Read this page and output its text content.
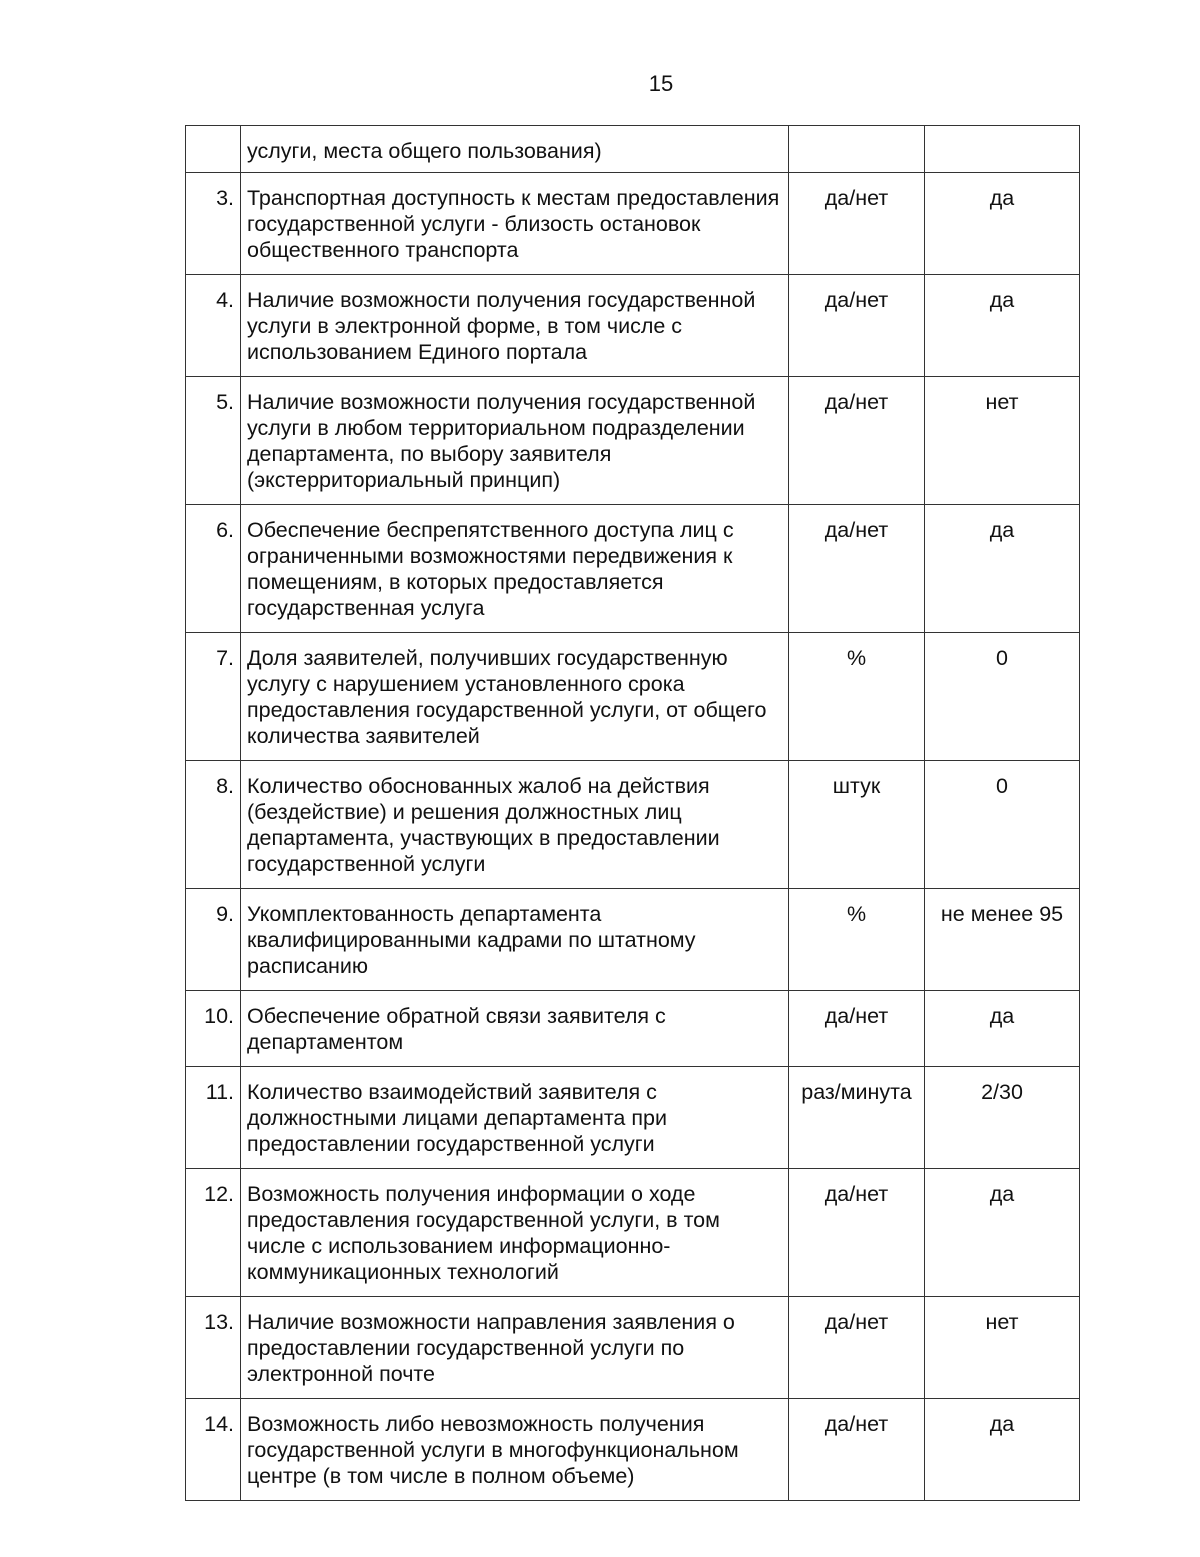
15
	услуги, места общего пользования)		
3.	Транспортная доступность к местам предоставления государственной услуги - близость остановок общественного транспорта	да/нет	да
4.	Наличие возможности получения государственной услуги в электронной форме, в том числе с использованием Единого портала	да/нет	да
5.	Наличие возможности получения государственной услуги в любом территориальном подразделении департамента, по выбору заявителя (экстерриториальный принцип)	да/нет	нет
6.	Обеспечение беспрепятственного доступа лиц с ограниченными возможностями передвижения к помещениям, в которых предоставляется государственная услуга	да/нет	да
7.	Доля заявителей, получивших государственную услугу с нарушением установленного срока предоставления государственной услуги, от общего количества заявителей	%	0
8.	Количество обоснованных жалоб на действия (бездействие) и решения должностных лиц департамента, участвующих в предоставлении государственной услуги	штук	0
9.	Укомплектованность департамента квалифицированными кадрами по штатному расписанию	%	не менее 95
10.	Обеспечение обратной связи заявителя с департаментом	да/нет	да
11.	Количество взаимодействий заявителя с должностными лицами департамента при предоставлении государственной услуги	раз/минута	2/30
12.	Возможность получения информации о ходе предоставления государственной услуги, в том числе с использованием информационно-коммуникационных технологий	да/нет	да
13.	Наличие возможности направления заявления о предоставлении государственной услуги по электронной почте	да/нет	нет
14.	Возможность либо невозможность получения государственной услуги в многофункциональном центре (в том числе в полном объеме)	да/нет	да
